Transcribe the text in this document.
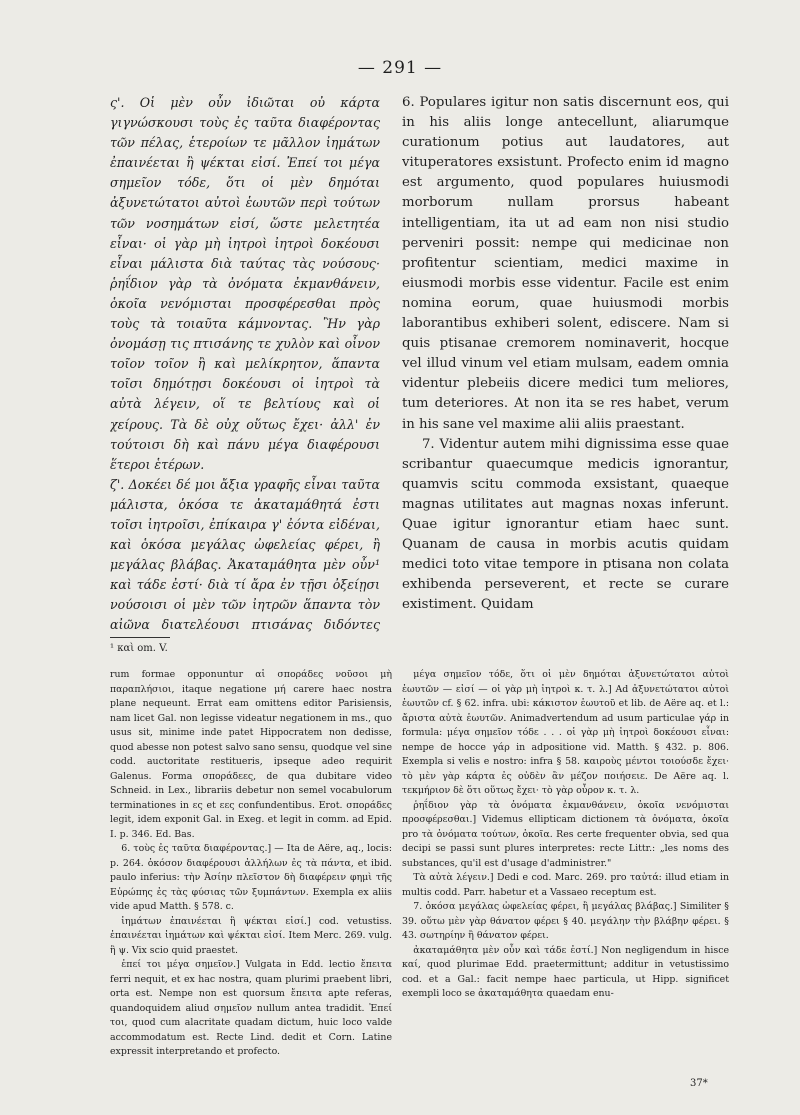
— 291 —

ς'. Οἱ μὲν οὖν ἰδιῶται οὐ κάρτα γιγνώσκουσι τοὺς ἐς ταῦτα διαφέροντας τῶν πέλας, ἑτεροίων τε μᾶλλον ἰημάτων ἐπαινέεται ἢ ψέκται εἰσί. Ἐπεί τοι μέγα σημεῖον τόδε, ὅτι οἱ μὲν δημόται ἀξυνετώτατοι αὐτοὶ ἑωυτῶν περὶ τούτων τῶν νοσημάτων εἰσί, ὥστε μελετητέα εἶναι· οἱ γὰρ μὴ ἰητροὶ ἰητροὶ δοκέουσι εἶναι μάλιστα διὰ ταύτας τὰς νούσους· ῥηΐδιον γὰρ τὰ ὀνόματα ἐκμανθάνειν, ὁκοῖα νενόμισται προσφέρεσθαι πρὸς τοὺς τὰ τοιαῦτα κάμνοντας. Ἢν γὰρ ὀνομάσῃ τις πτισάνης τε χυλὸν καὶ οἶνον τοῖον τοῖον ἢ καὶ μελίκρητον, ἅπαντα τοῖσι δημότῃσι δοκέουσι οἱ ἰητροὶ τὰ αὐτὰ λέγειν, οἵ τε βελτίους καὶ οἱ χείρους. Τὰ δὲ οὐχ οὕτως ἔχει· ἀλλ' ἐν τούτοισι δὴ καὶ πάνυ μέγα διαφέρουσι ἕτεροι ἑτέρων.

ζ'. Δοκέει δέ μοι ἄξια γραφῆς εἶναι ταῦτα μάλιστα, ὁκόσα τε ἀκαταμάθητά ἐστι τοῖσι ἰητροῖσι, ἐπίκαιρα γ' ἐόντα εἰδέναι, καὶ ὁκόσα μεγάλας ὠφελείας φέρει, ἢ μεγάλας βλάβας. Ἀκαταμάθητα μὲν οὖν¹ καὶ τάδε ἐστί· διὰ τί ἄρα ἐν τῇσι ὀξείῃσι νούσοισι οἱ μὲν τῶν ἰητρῶν ἅπαντα τὸν αἰῶνα διατελέουσι πτισάνας διδόντες

6. Populares igitur non satis discernunt eos, qui in his aliis longe antecellunt, aliarumque curationum potius aut laudatores, aut vituperatores exsistunt. Profecto enim id magno est argumento, quod populares huiusmodi morborum nullam prorsus habeant intelligentiam, ita ut ad eam non nisi studio perveniri possit: nempe qui medicinae non profitentur scientiam, medici maxime in eiusmodi morbis esse videntur. Facile est enim nomina eorum, quae huiusmodi morbis laborantibus exhiberi solent, ediscere. Nam si quis ptisanae cremorem nominaverit, hocque vel illud vinum vel etiam mulsam, eadem omnia videntur plebeiis dicere medici tum meliores, tum deteriores. At non ita se res habet, verum in his sane vel maxime alii aliis praestant.

7. Videntur autem mihi dignissima esse quae scribantur quaecumque medicis ignorantur, quamvis scitu commoda exsistant, quaeque magnas utilitates aut magnas noxas inferunt. Quae igitur ignorantur etiam haec sunt. Quanam de causa in morbis acutis quidam medici toto vitae tempore in ptisana non colata exhibenda perseverent, et recte se curare existiment. Quidam

¹ καὶ om. V.

rum formae opponuntur αἱ σποράδες νοῦσοι μὴ παραπλήσιοι, itaque negatione μή carere haec nostra plane nequeunt. Errat eam omittens editor Parisiensis, nam licet Gal. non legisse videatur negationem in ms., quo usus sit, minime inde patet Hippocratem non dedisse, quod abesse non potest salvo sano sensu, quodque vel sine codd. auctoritate restitueris, ipseque adeo requirit Galenus. Forma σποράδεες, de qua dubitare video Schneid. in Lex., librariis debetur non semel vocabulorum terminationes in ες et εες confundentibus. Erot. σποράδες legit, idem exponit Gal. in Exeg. et legit in comm. ad Epid. I. p. 346. Ed. Bas.

6. τοὺς ἐς ταῦτα διαφέροντας.] — Ita de Aëre, aq., locis: p. 264. ὁκόσον διαφέρουσι ἀλλήλων ἐς τὰ πάντα, et ibid. paulo inferius: τὴν Ἀσίην πλεῖστον δὴ διαφέρειν φημὶ τῆς Εὐρώπης ἐς τὰς φύσιας τῶν ξυμπάντων. Exempla ex aliis vide apud Matth. § 578. c.

ἰημάτων ἐπαινέεται ἢ ψέκται εἰσί.] cod. vetustiss. ἐπαινέεται ἰημάτων καὶ ψέκται εἰσί. Item Merc. 269. vulg. ἢ ψ. Vix scio quid praestet.

ἐπεί τοι μέγα σημεῖον.] Vulgata in Edd. lectio ἔπειτα ferri nequit, et ex hac nostra, quam plurimi praebent libri, orta est. Nempe non est quorsum ἔπειτα apte referas, quandoquidem aliud σημεῖον nullum antea tradidit. Ἐπεί τοι, quod cum alacritate quadam dictum, huic loco valde accommodatum est. Recte Lind. dedit et Corn. Latine expressit interpretando et profecto.

μέγα σημεῖον τόδε, ὅτι οἱ μὲν δημόται ἀξυνετώτατοι αὐτοὶ ἑωυτῶν — εἰσί — οἱ γὰρ μὴ ἰητροὶ κ. τ. λ.] Ad ἀξυνετώτατοι αὐτοὶ ἑωυτῶν cf. § 62. infra. ubi: κάκιστον ἑωυτοῦ et lib. de Aëre aq. et l.: ἄριστα αὐτὰ ἑωυτῶν. Animadvertendum ad usum particulae γάρ in formula: μέγα σημεῖον τόδε . . . οἱ γὰρ μὴ ἰητροὶ δοκέουσι εἶναι: nempe de hocce γάρ in adpositione vid. Matth. § 432. p. 806. Exempla si velis e nostro: infra § 58. καιροὺς μέντοι τοιούσδε ἔχει· τὸ μὲν γὰρ κάρτα ἐς οὐδὲν ἂν μέζον ποιήσειε. De Aëre aq. l. τεκμήριον δὲ ὅτι οὕτως ἔχει· τὸ γὰρ οὖρον κ. τ. λ.

ῥηΐδιον γὰρ τὰ ὀνόματα ἐκμανθάνειν, ὁκοῖα νενόμισται προσφέρεσθαι.] Videmus ellipticam dictionem τὰ ὀνόματα, ὁκοῖα pro τὰ ὀνόματα τούτων, ὁκοῖα. Res certe frequenter obvia, sed qua decipi se passi sunt plures interpretes: recte Littr.: „les noms des substances, qu'il est d'usage d'administrer."

Τὰ αὐτὰ λέγειν.] Dedi e cod. Marc. 269. pro ταὐτά: illud etiam in multis codd. Parr. habetur et a Vassaeo receptum est.

7. ὁκόσα μεγάλας ὠφελείας φέρει, ἢ μεγάλας βλάβας.] Similiter § 39. οὕτω μὲν γὰρ θάνατον φέρει § 40. μεγάλην τὴν βλάβην φέρει. § 43. σωτηρίην ἢ θάνατον φέρει.

ἀκαταμάθητα μὲν οὖν καὶ τάδε ἐστί.] Non negligendum in hisce καί, quod plurimae Edd. praetermittunt; additur in vetustissimo cod. et a Gal.: facit nempe haec particula, ut Hipp. significet exempli loco se ἀκαταμάθητα quaedam enu-

37*
